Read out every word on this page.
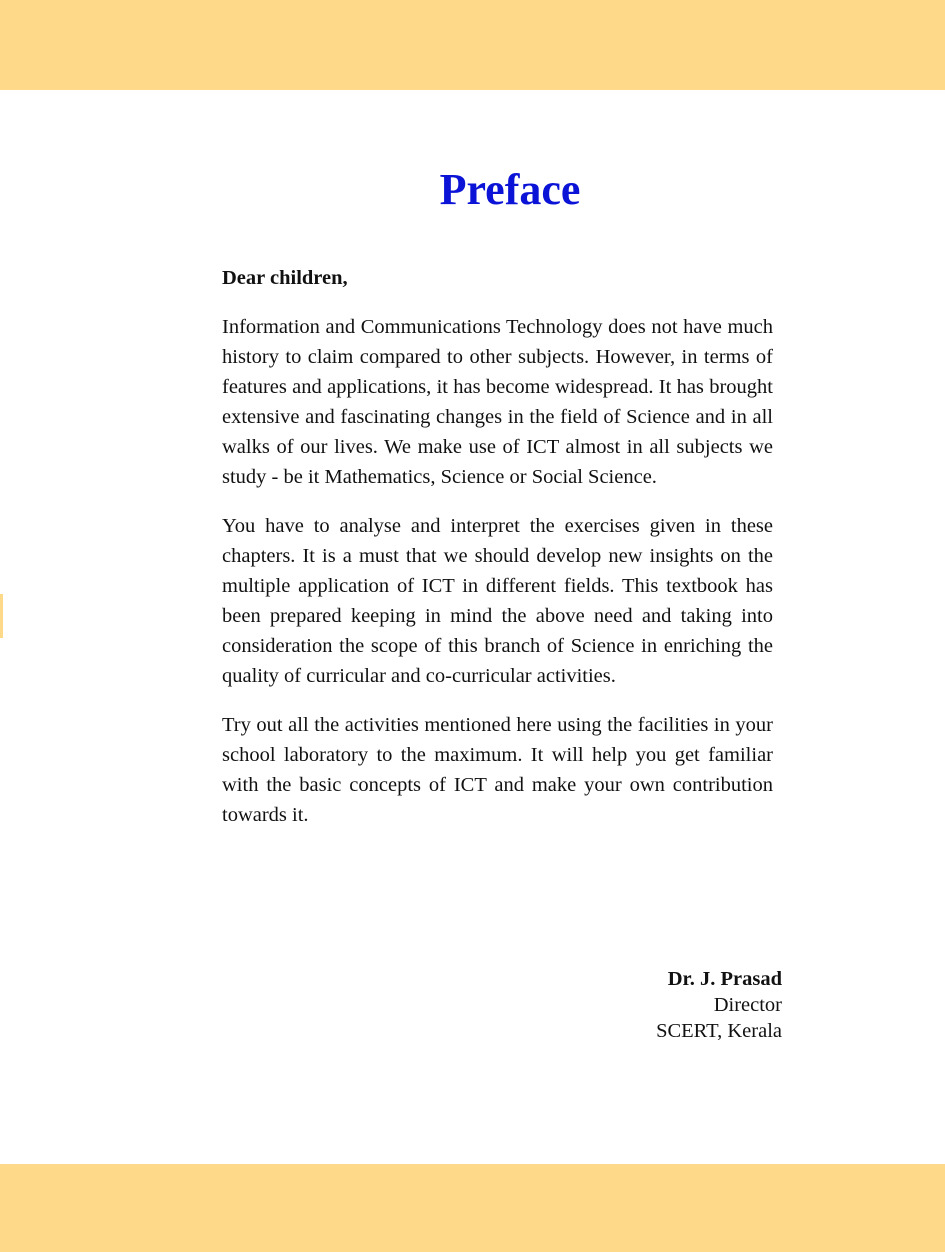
Preface

Dear children,

Information and Communications Technology does not have much history to claim compared to other subjects. However, in terms of features and applications, it has become widespread. It has brought extensive and fascinating changes in the field of Science and in all walks of our lives. We make use of ICT almost in all subjects we study - be it Mathematics, Science or Social Science.

You have to analyse and interpret the exercises given in these chapters. It is a must that we should develop new insights on the multiple application of ICT in different fields. This textbook has been prepared keeping in mind the above need and taking into consideration the scope of this branch of Science in enriching the quality of curricular and co-curricular activities.

Try out all the activities mentioned here using the facilities in your school laboratory to the maximum. It will help you get familiar with the basic concepts of ICT and make your own contribution towards it.

Dr. J. Prasad
Director
SCERT, Kerala
